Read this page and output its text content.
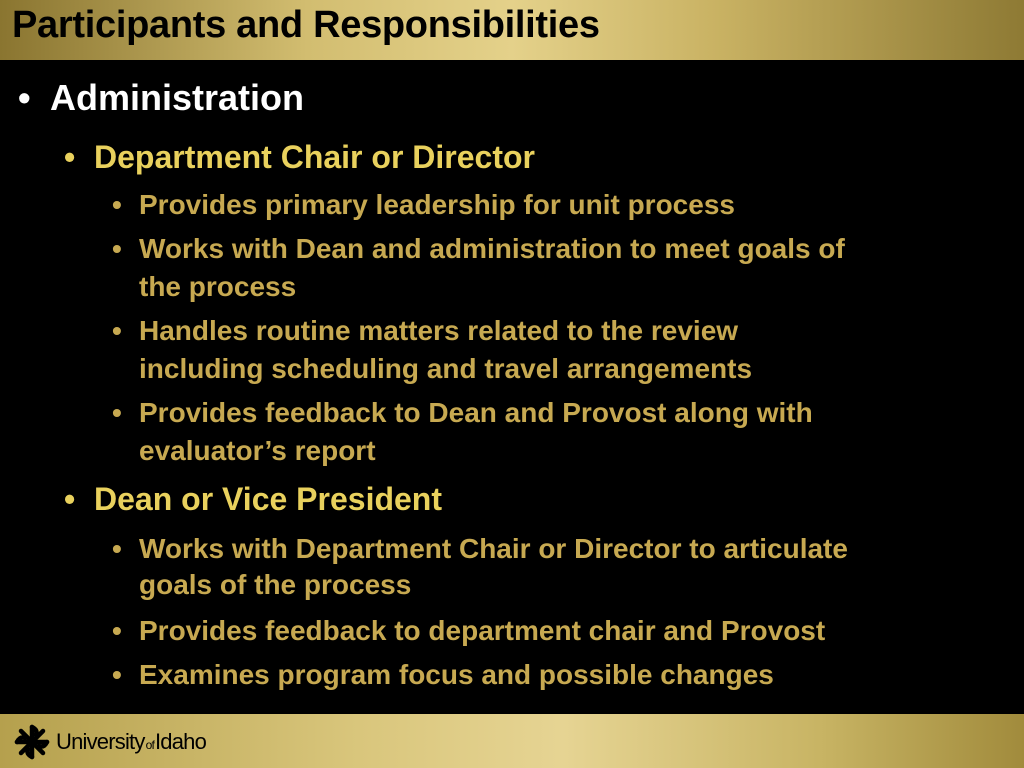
Participants and Responsibilities
• Administration
• Department Chair or Director
• Provides primary leadership for unit process
• Works with Dean and administration to meet goals of
the process
• Handles routine matters related to the review
including scheduling and travel arrangements
• Provides feedback to Dean and Provost along with
evaluator’s report
• Dean or Vice President
• Works with Department Chair or Director to articulate
goals of the process
• Provides feedback to department chair and Provost
• Examines program focus and possible changes
University of Idaho
